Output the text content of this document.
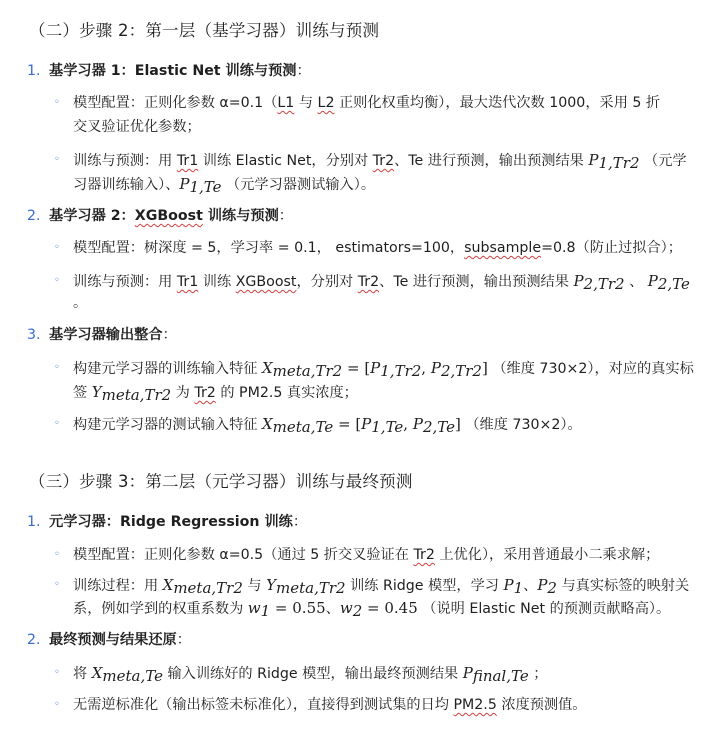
（二）步骤 2：第一层（基学习器）训练与预测
1. 基学习器 1：Elastic Net 训练与预测：
◦ 模型配置：正则化参数 α=0.1（L1 与 L2 正则化权重均衡），最大迭代次数 1000，采用 5 折
交叉验证优化参数；
◦ 训练与预测：用 Tr1 训练 Elastic Net，分别对 Tr2、Te 进行预测，输出预测结果 $P_{1,Tr2}$ （元学
习器训练输入）、$P_{1,Te}$ （元学习器测试输入）。
2. 基学习器 2：XGBoost 训练与预测：
◦ 模型配置：树深度 = 5，学习率 = 0.1， estimators=100，subsample=0.8（防止过拟合）；
◦ 训练与预测：用 Tr1 训练 XGBoost，分别对 Tr2、Te 进行预测，输出预测结果 $P_{2,Tr2}$ 、 $P_{2,Te}$
。
3. 基学习器输出整合：
◦ 构建元学习器的训练输入特征 $X_{meta,Tr2} = [P_{1,Tr2}$, $P_{2,Tr2}$] （维度 730×2），对应的真实标
签 $Y_{meta,Tr2}$ 为 Tr2 的 PM2.5 真实浓度；
◦ 构建元学习器的测试输入特征 $X_{meta,Te} = [P_{1,Te}$, $P_{2,Te}$] （维度 730×2）。
（三）步骤 3：第二层（元学习器）训练与最终预测
1. 元学习器：Ridge Regression 训练：
◦ 模型配置：正则化参数 α=0.5（通过 5 折交叉验证在 Tr2 上优化），采用普通最小二乘求解；
◦ 训练过程：用 $X_{meta,Tr2}$ 与 $Y_{meta,Tr2}$ 训练 Ridge 模型，学习 $P_1$、$P_2$ 与真实标签的映射关
系，例如学到的权重系数为 $w_1 = 0.55$、$w_2 = 0.45$ （说明 Elastic Net 的预测贡献略高）。
2. 最终预测与结果还原：
◦ 将 $X_{meta,Te}$ 输入训练好的 Ridge 模型，输出最终预测结果 $P_{final,Te}$ ；
◦ 无需逆标准化（输出标签未标准化），直接得到测试集的日均 PM2.5 浓度预测值。
